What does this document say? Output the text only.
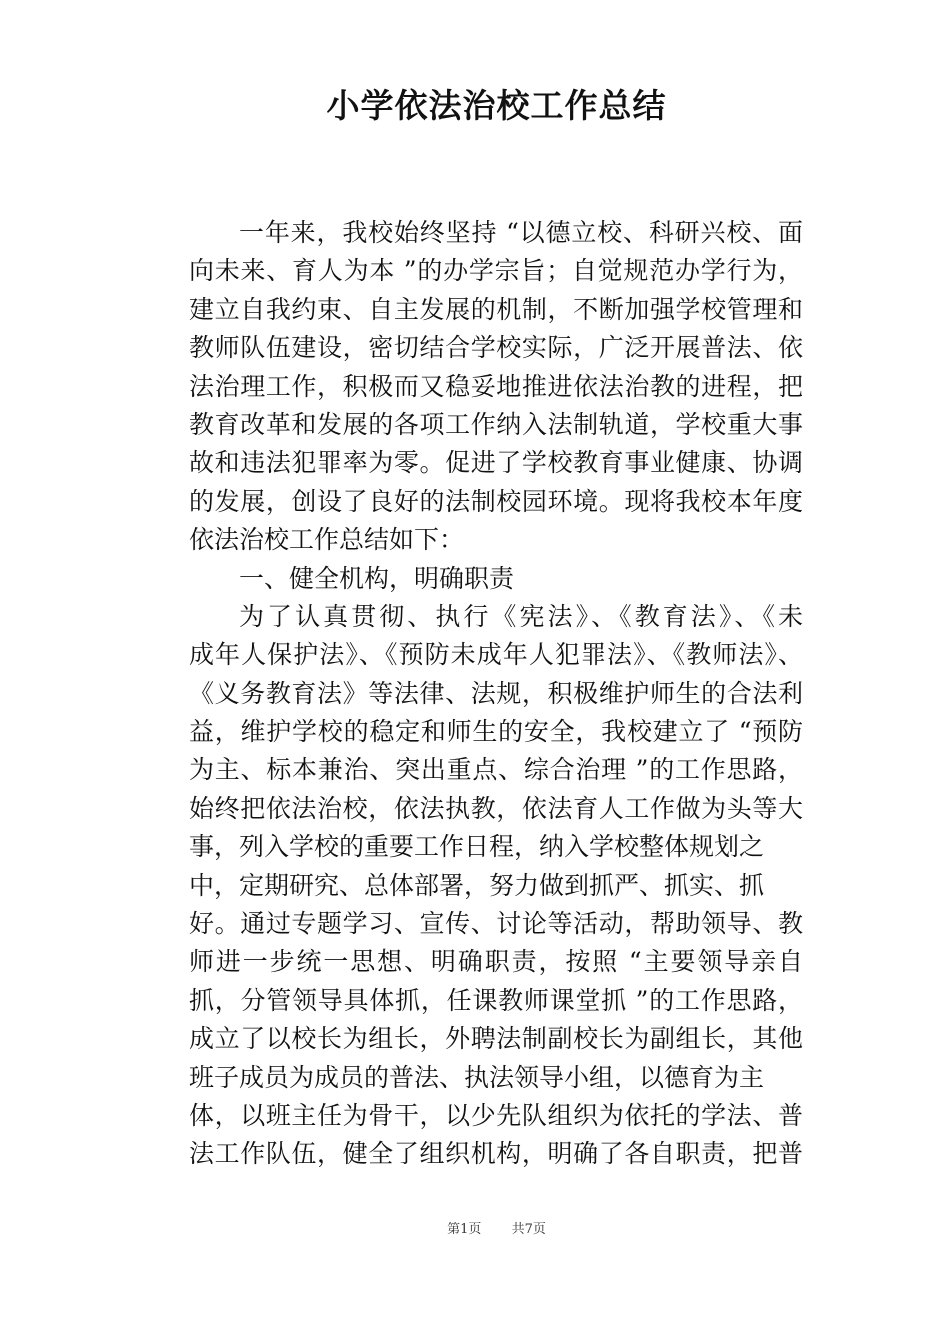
小学依法治校工作总结
一年来，我校始终坚持 “以德立校、科研兴校、面
向未来、育人为本 ”的办学宗旨；自觉规范办学行为，
建立自我约束、自主发展的机制，不断加强学校管理和
教师队伍建设，密切结合学校实际，广泛开展普法、依
法治理工作，积极而又稳妥地推进依法治教的进程，把
教育改革和发展的各项工作纳入法制轨道，学校重大事
故和违法犯罪率为零。促进了学校教育事业健康、协调
的发展，创设了良好的法制校园环境。现将我校本年度
依法治校工作总结如下：
一、健全机构，明确职责
为了认真贯彻、执行《宪法》、《教育法》、《未
成年人保护法》、《预防未成年人犯罪法》、《教师法》、
《义务教育法》等法律、法规，积极维护师生的合法利
益，维护学校的稳定和师生的安全，我校建立了 “预防
为主、标本兼治、突出重点、综合治理 ”的工作思路，
始终把依法治校，依法执教，依法育人工作做为头等大
事，列入学校的重要工作日程，纳入学校整体规划之
中，定期研究、总体部署，努力做到抓严、抓实、抓
好。通过专题学习、宣传、讨论等活动，帮助领导、教
师进一步统一思想、明确职责，按照 “主要领导亲自
抓，分管领导具体抓，任课教师课堂抓 ”的工作思路，
成立了以校长为组长，外聘法制副校长为副组长，其他
班子成员为成员的普法、执法领导小组，以德育为主
体，以班主任为骨干，以少先队组织为依托的学法、普
法工作队伍，健全了组织机构，明确了各自职责，把普
第1页 共7页
